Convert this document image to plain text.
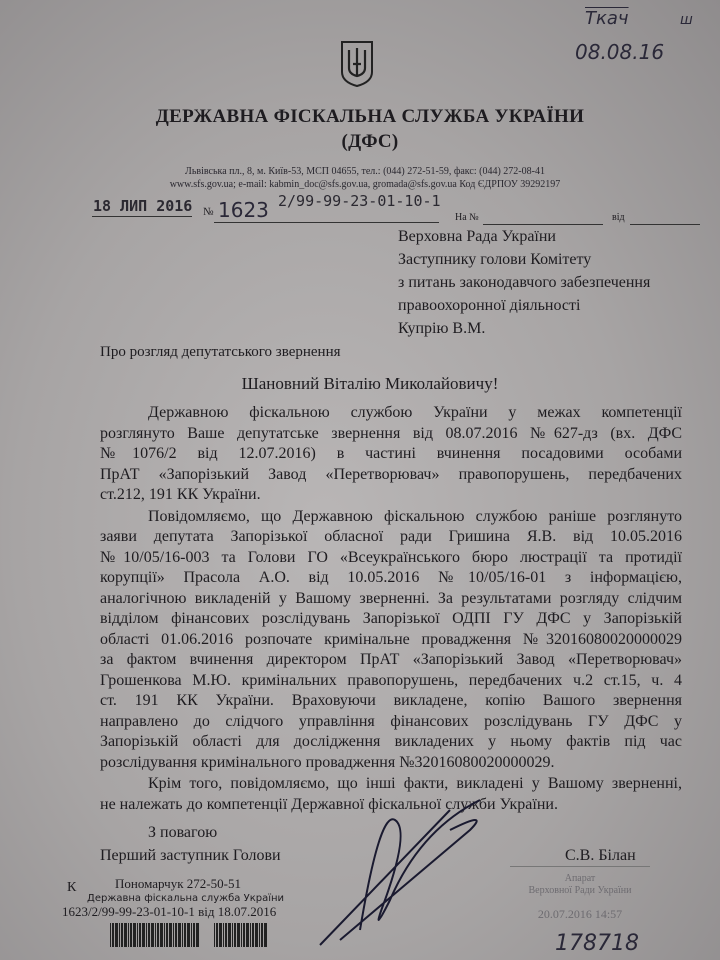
Ткач
08.08.16
ш
ДЕРЖАВНА ФІСКАЛЬНА СЛУЖБА УКРАЇНИ
(ДФС)
Львівська пл., 8, м. Київ-53, МСП 04655, тел.: (044) 272-51-59, факс: (044) 272-08-41
www.sfs.gov.ua; e-mail: kabmin_doc@sfs.gov.ua, gromada@sfs.gov.ua Код ЄДРПОУ 39292197
18 ЛИП 2016 № 1623 2/99-99-23-01-10-1
На №	від
Верховна Рада України
Заступнику голови Комітету
з питань законодавчого забезпечення
правоохоронної діяльності
Купрію В.М.
Про розгляд депутатського звернення
Шановний Віталію Миколайовичу!
Державною фіскальною службою України у межах компетенції
розглянуто Ваше депутатське звернення від 08.07.2016 №627-дз (вх. ДФС
№1076/2 від 12.07.2016) в частині вчинення посадовими особами
ПрАТ «Запорізький Завод «Перетворювач» правопорушень, передбачених
ст.212, 191 КК України.
Повідомляємо, що Державною фіскальною службою раніше розглянуто
заяви депутата Запорізької обласної ради Гришина Я.В. від 10.05.2016
№10/05/16-003 та Голови ГО «Всеукраїнського бюро люстрації та протидії
корупції» Прасола А.О. від 10.05.2016 №10/05/16-01 з інформацією,
аналогічною викладеній у Вашому зверненні. За результатами розгляду слідчим
відділом фінансових розслідувань Запорізької ОДПІ ГУ ДФС у Запорізькій
області 01.06.2016 розпочате кримінальне провадження №32016080020000029
за фактом вчинення директором ПрАТ «Запорізький Завод «Перетворювач»
Грошенкова М.Ю. кримінальних правопорушень, передбачених ч.2 ст.15, ч. 4
ст. 191 КК України. Враховуючи викладене, копію Вашого звернення
направлено до слідчого управління фінансових розслідувань ГУ ДФС у
Запорізькій області для дослідження викладених у ньому фактів під час
розслідування кримінального провадження №32016080020000029.
Крім того, повідомляємо, що інші факти, викладені у Вашому зверненні,
не належать до компетенції Державної фіскальної служби України.
З повагою
Перший заступник Голови	С.В. Білан
К	Пономарчук 272-50-51
Державна фіскальна служба України
1623/2/99-99-23-01-10-1 від 18.07.2016
Апарат
Верховної Ради України
20.07.2016 14:57
178718
